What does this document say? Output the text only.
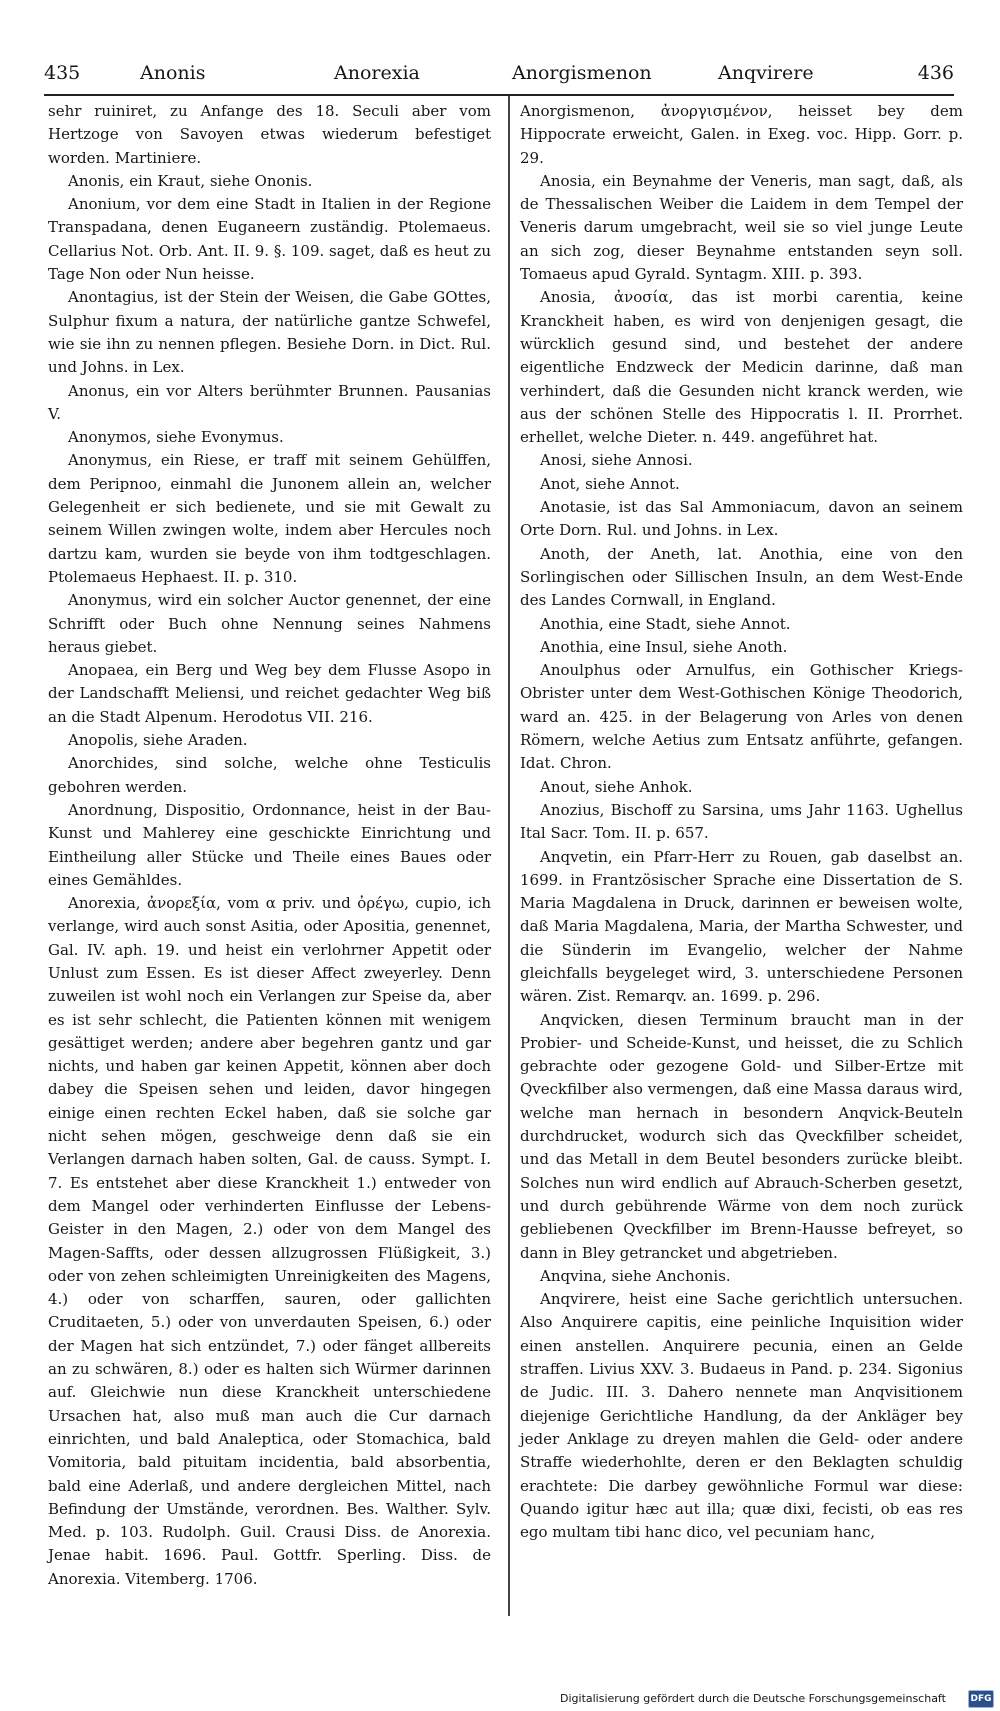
435	Anonis	Anorexia	Anorgismenon	Anqvirere	436

sehr ruiniret, zu Anfange des 18. Seculi aber vom Hertzoge von Savoyen etwas wiederum befestiget worden. Martiniere.

Anonis, ein Kraut, siehe Ononis.

Anonium, vor dem eine Stadt in Italien in der Regione Transpadana, denen Euganeern zuständig. Ptolemaeus. Cellarius Not. Orb. Ant. II. 9. §. 109. saget, daß es heut zu Tage Non oder Nun heisse.

Anontagius, ist der Stein der Weisen, die Gabe GOttes, Sulphur fixum a natura, der natürliche gantze Schwefel, wie sie ihn zu nennen pflegen. Besiehe Dorn. in Dict. Rul. und Johns. in Lex.

Anonus, ein vor Alters berühmter Brunnen. Pausanias V.

Anonymos, siehe Evonymus.

Anonymus, ein Riese, er traff mit seinem Gehülffen, dem Peripnoo, einmahl die Junonem allein an, welcher Gelegenheit er sich bedienete, und sie mit Gewalt zu seinem Willen zwingen wolte, indem aber Hercules noch dartzu kam, wurden sie beyde von ihm todtgeschlagen. Ptolemaeus Hephaest. II. p. 310.

Anonymus, wird ein solcher Auctor genennet, der eine Schrifft oder Buch ohne Nennung seines Nahmens heraus giebet.

Anopaea, ein Berg und Weg bey dem Flusse Asopo in der Landschafft Meliensi, und reichet gedachter Weg biß an die Stadt Alpenum. Herodotus VII. 216.

Anopolis, siehe Araden.

Anorchides, sind solche, welche ohne Testiculis gebohren werden.

Anordnung, Dispositio, Ordonnance, heist in der Bau-Kunst und Mahlerey eine geschickte Einrichtung und Eintheilung aller Stücke und Theile eines Baues oder eines Gemähldes.

Anorexia, ἀνορεξία, vom α priv. und ὀρέγω, cupio, ich verlange, wird auch sonst Asitia, oder Apositia, genennet, Gal. IV. aph. 19. und heist ein verlohrner Appetit oder Unlust zum Essen. Es ist dieser Affect zweyerley. Denn zuweilen ist wohl noch ein Verlangen zur Speise da, aber es ist sehr schlecht, die Patienten können mit wenigem gesättiget werden; andere aber begehren gantz und gar nichts, und haben gar keinen Appetit, können aber doch dabey die Speisen sehen und leiden, davor hingegen einige einen rechten Eckel haben, daß sie solche gar nicht sehen mögen, geschweige denn daß sie ein Verlangen darnach haben solten, Gal. de causs. Sympt. I. 7. Es entstehet aber diese Kranckheit 1.) entweder von dem Mangel oder verhinderten Einflusse der Lebens-Geister in den Magen, 2.) oder von dem Mangel des Magen-Saffts, oder dessen allzugrossen Flüßigkeit, 3.) oder von zehen schleimigten Unreinigkeiten des Magens, 4.) oder von scharffen, sauren, oder gallichten Cruditaeten, 5.) oder von unverdauten Speisen, 6.) oder der Magen hat sich entzündet, 7.) oder fänget allbereits an zu schwären, 8.) oder es halten sich Würmer darinnen auf. Gleichwie nun diese Kranckheit unterschiedene Ursachen hat, also muß man auch die Cur darnach einrichten, und bald Analeptica, oder Stomachica, bald Vomitoria, bald pituitam incidentia, bald absorbentia, bald eine Aderlaß, und andere dergleichen Mittel, nach Befindung der Umstände, verordnen. Bes. Walther. Sylv. Med. p. 103. Rudolph. Guil. Crausi Diss. de Anorexia. Jenae habit. 1696. Paul. Gottfr. Sperling. Diss. de Anorexia. Vitemberg. 1706.

Anorgismenon, ἀνοργισμένον, heisset bey dem Hippocrate erweicht, Galen. in Exeg. voc. Hipp. Gorr. p. 29.

Anosia, ein Beynahme der Veneris, man sagt, daß, als de Thessalischen Weiber die Laidem in dem Tempel der Veneris darum umgebracht, weil sie so viel junge Leute an sich zog, dieser Beynahme entstanden seyn soll. Tomaeus apud Gyrald. Syntagm. XIII. p. 393.

Anosia, ἀνοσία, das ist morbi carentia, keine Kranckheit haben, es wird von denjenigen gesagt, die würcklich gesund sind, und bestehet der andere eigentliche Endzweck der Medicin darinne, daß man verhindert, daß die Gesunden nicht kranck werden, wie aus der schönen Stelle des Hippocratis l. II. Prorrhet. erhellet, welche Dieter. n. 449. angeführet hat.

Anosi, siehe Annosi.

Anot, siehe Annot.

Anotasie, ist das Sal Ammoniacum, davon an seinem Orte Dorn. Rul. und Johns. in Lex.

Anoth, der Aneth, lat. Anothia, eine von den Sorlingischen oder Sillischen Insuln, an dem West-Ende des Landes Cornwall, in England.

Anothia, eine Stadt, siehe Annot.

Anothia, eine Insul, siehe Anoth.

Anoulphus oder Arnulfus, ein Gothischer Kriegs-Obrister unter dem West-Gothischen Könige Theodorich, ward an. 425. in der Belagerung von Arles von denen Römern, welche Aetius zum Entsatz anführte, gefangen. Idat. Chron.

Anout, siehe Anhok.

Anozius, Bischoff zu Sarsina, ums Jahr 1163. Ughellus Ital Sacr. Tom. II. p. 657.

Anqvetin, ein Pfarr-Herr zu Rouen, gab daselbst an. 1699. in Frantzösischer Sprache eine Dissertation de S. Maria Magdalena in Druck, darinnen er beweisen wolte, daß Maria Magdalena, Maria, der Martha Schwester, und die Sünderin im Evangelio, welcher der Nahme gleichfalls beygeleget wird, 3. unterschiedene Personen wären. Zist. Remarqv. an. 1699. p. 296.

Anqvicken, diesen Terminum braucht man in der Probier- und Scheide-Kunst, und heisset, die zu Schlich gebrachte oder gezogene Gold- und Silber-Ertze mit Qveckfilber also vermengen, daß eine Massa daraus wird, welche man hernach in besondern Anqvick-Beuteln durchdrucket, wodurch sich das Qveckfilber scheidet, und das Metall in dem Beutel besonders zurücke bleibt. Solches nun wird endlich auf Abrauch-Scherben gesetzt, und durch gebührende Wärme von dem noch zurück gebliebenen Qveckfilber im Brenn-Hausse befreyet, so dann in Bley getrancket und abgetrieben.

Anqvina, siehe Anchonis.

Anqvirere, heist eine Sache gerichtlich untersuchen. Also Anquirere capitis, eine peinliche Inquisition wider einen anstellen. Anquirere pecunia, einen an Gelde straffen. Livius XXV. 3. Budaeus in Pand. p. 234. Sigonius de Judic. III. 3. Dahero nennete man Anqvisitionem diejenige Gerichtliche Handlung, da der Ankläger bey jeder Anklage zu dreyen mahlen die Geld- oder andere Straffe wiederhohlte, deren er den Beklagten schuldig erachtete: Die darbey gewöhnliche Formul war diese: Quando igitur hæc aut illa; quæ dixi, fecisti, ob eas res ego multam tibi hanc dico, vel pecuniam hanc,

Digitalisierung gefördert durch die Deutsche Forschungsgemeinschaft	DFG
